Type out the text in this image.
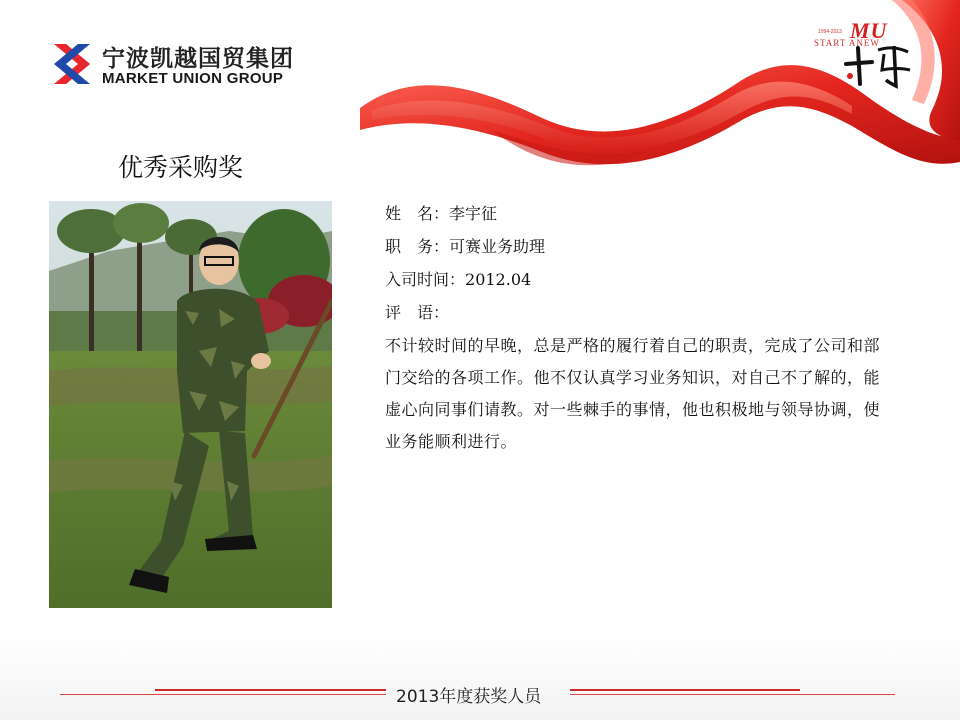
宁波凯越国贸集团
MARKET UNION GROUP
MU
1994-2013
START ANEW
优秀采购奖
姓　名：李宇征
职　务：可赛业务助理
入司时间：2012.04
评　语：
不计较时间的早晚，总是严格的履行着自己的职责，完成了公司和部门交给的各项工作。他不仅认真学习业务知识，对自己不了解的，能虚心向同事们请教。对一些棘手的事情，他也积极地与领导协调，使业务能顺利进行。
2013年度获奖人员
